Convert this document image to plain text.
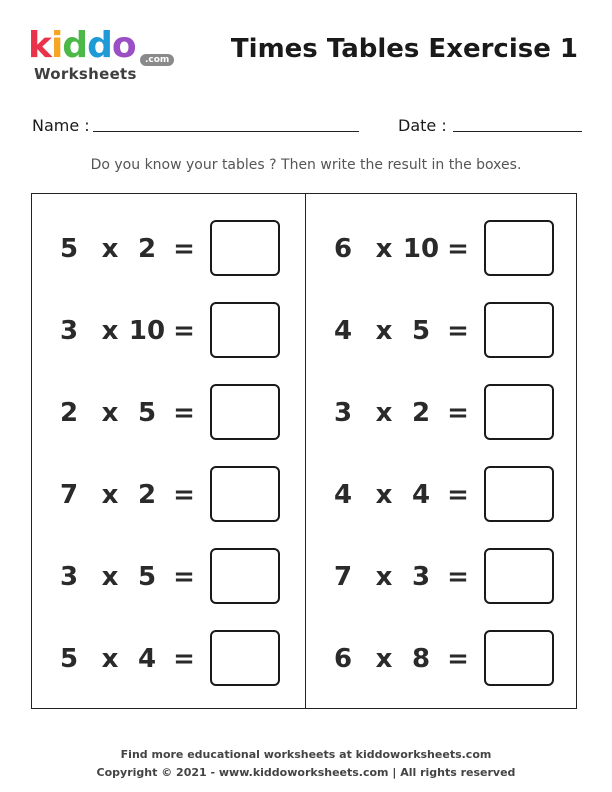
kiddo	.com
Worksheets
Times Tables Exercise 1
Name :	Date :
Do you know your tables ? Then write the result in the boxes.
5 x 2 =
3 x 10 =
2 x 5 =
7 x 2 =
3 x 5 =
5 x 4 =
6 x 10 =
4 x 5 =
3 x 2 =
4 x 4 =
7 x 3 =
6 x 8 =
Find more educational worksheets at kiddoworksheets.com
Copyright © 2021 - www.kiddoworksheets.com | All rights reserved
